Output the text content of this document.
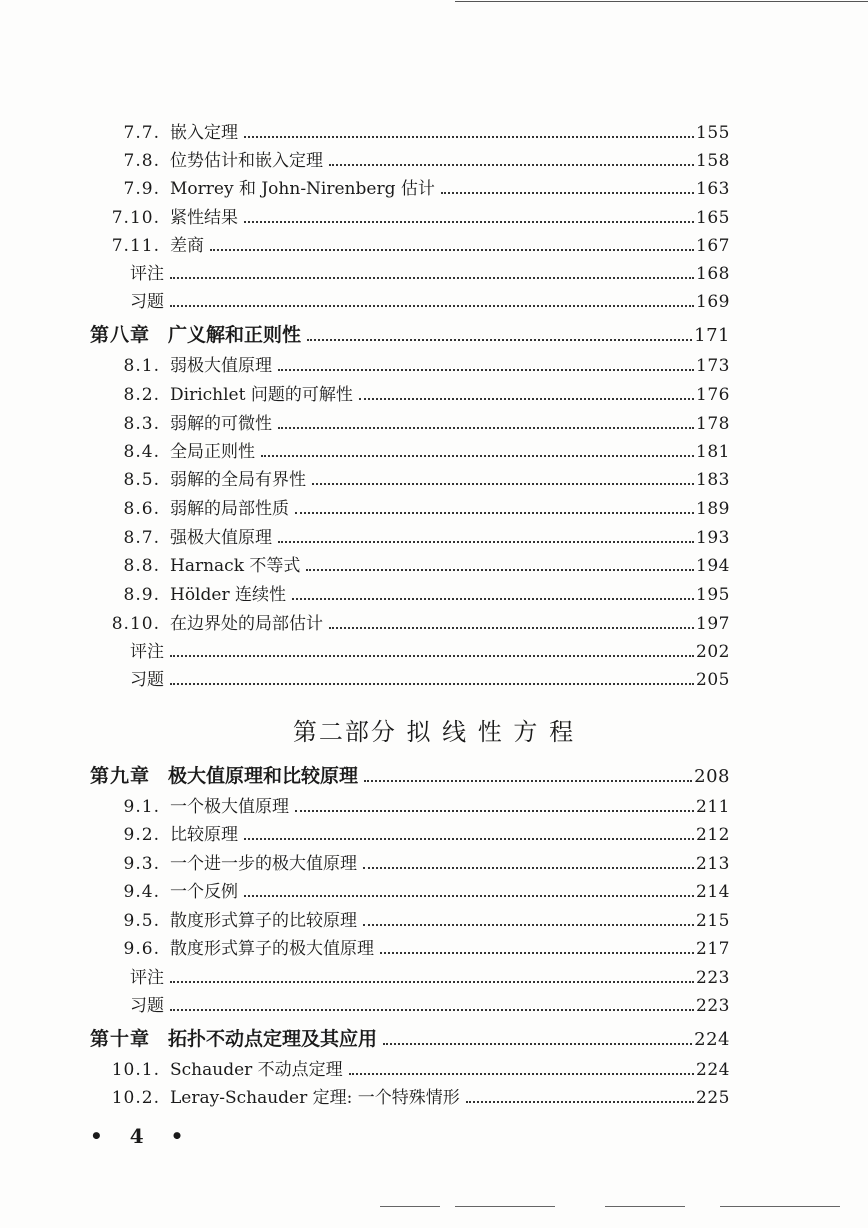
7.7. 嵌入定理	155
7.8. 位势估计和嵌入定理	158
7.9. Morrey 和 John-Nirenberg 估计	163
7.10. 紧性结果	165
7.11. 差商	167
评注	168
习题	169
第八章 广义解和正则性	171
8.1. 弱极大值原理	173
8.2. Dirichlet 问题的可解性	176
8.3. 弱解的可微性	178
8.4. 全局正则性	181
8.5. 弱解的全局有界性	183
8.6. 弱解的局部性质	189
8.7. 强极大值原理	193
8.8. Harnack 不等式	194
8.9. Hölder 连续性	195
8.10. 在边界处的局部估计	197
评注	202
习题	205
第二部分 拟 线 性 方 程
第九章 极大值原理和比较原理	208
9.1. 一个极大值原理	211
9.2. 比较原理	212
9.3. 一个进一步的极大值原理	213
9.4. 一个反例	214
9.5. 散度形式算子的比较原理	215
9.6. 散度形式算子的极大值原理	217
评注	223
习题	223
第十章 拓扑不动点定理及其应用	224
10.1. Schauder 不动点定理	224
10.2. Leray-Schauder 定理: 一个特殊情形	225
• 4 •
